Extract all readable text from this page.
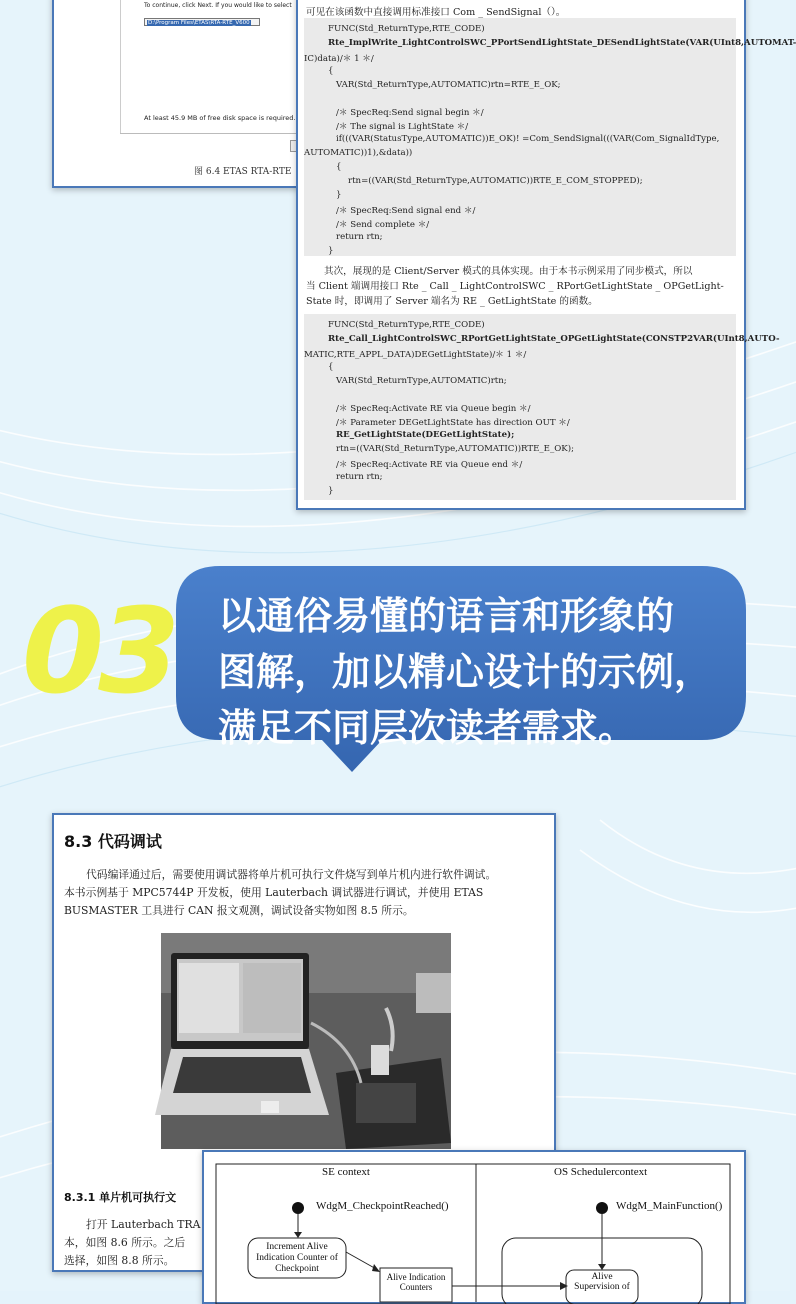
To continue, click Next. If you would like to select
D:\Program Files\ETAS\RTA-RTE_V600
At least 45.9 MB of free disk space is required.
图 6.4 ETAS RTA-RTE
可见在该函数中直接调用标准接口 Com _ SendSignal（）。
FUNC(Std_ReturnType,RTE_CODE)
Rte_ImplWrite_LightControlSWC_PPortSendLightState_DESendLightState(VAR(UInt8,AUTOMAT-
IC)data)/＊ 1 ＊/
{
VAR(Std_ReturnType,AUTOMATIC)rtn=RTE_E_OK;
/＊ SpecReq:Send signal begin ＊/
/＊ The signal is LightState ＊/
if(((VAR(StatusType,AUTOMATIC))E_OK)! =Com_SendSignal(((VAR(Com_SignalIdType,
AUTOMATIC))1),&data))
{
rtn=((VAR(Std_ReturnType,AUTOMATIC))RTE_E_COM_STOPPED);
}
/＊ SpecReq:Send signal end ＊/
/＊ Send complete ＊/
return rtn;
}
其次，展现的是 Client/Server 模式的具体实现。由于本书示例采用了同步模式，所以
当 Client 端调用接口 Rte _ Call _ LightControlSWC _ RPortGetLightState _ OPGetLight-
State 时，即调用了 Server 端名为 RE _ GetLightState 的函数。
FUNC(Std_ReturnType,RTE_CODE)
Rte_Call_LightControlSWC_RPortGetLightState_OPGetLightState(CONSTP2VAR(UInt8,AUTO-
MATIC,RTE_APPL_DATA)DEGetLightState)/＊ 1 ＊/
{
VAR(Std_ReturnType,AUTOMATIC)rtn;
/＊ SpecReq:Activate RE via Queue begin ＊/
/＊ Parameter DEGetLightState has direction OUT ＊/
RE_GetLightState(DEGetLightState);
rtn=((VAR(Std_ReturnType,AUTOMATIC))RTE_E_OK);
/＊ SpecReq:Activate RE via Queue end ＊/
return rtn;
}
03 以通俗易懂的语言和形象的
图解，加以精心设计的示例，
满足不同层次读者需求。
8.3 代码调试
代码编译通过后，需要使用调试器将单片机可执行文件烧写到单片机内进行软件调试。
本书示例基于 MPC5744P 开发板，使用 Lauterbach 调试器进行调试，并使用 ETAS
BUSMASTER 工具进行 CAN 报文观测，调试设备实物如图 8.5 所示。
8.3.1 单片机可执行文
打开 Lauterbach TRA
本，如图 8.6 所示。之后
选择，如图 8.8 所示。
SE context	OS Schedulercontext
WdgM_CheckpointReached()	WdgM_MainFunction()
Increment Alive
Indication Counter of
Checkpoint
Alive Indication
Counters
Alive
Supervision of
